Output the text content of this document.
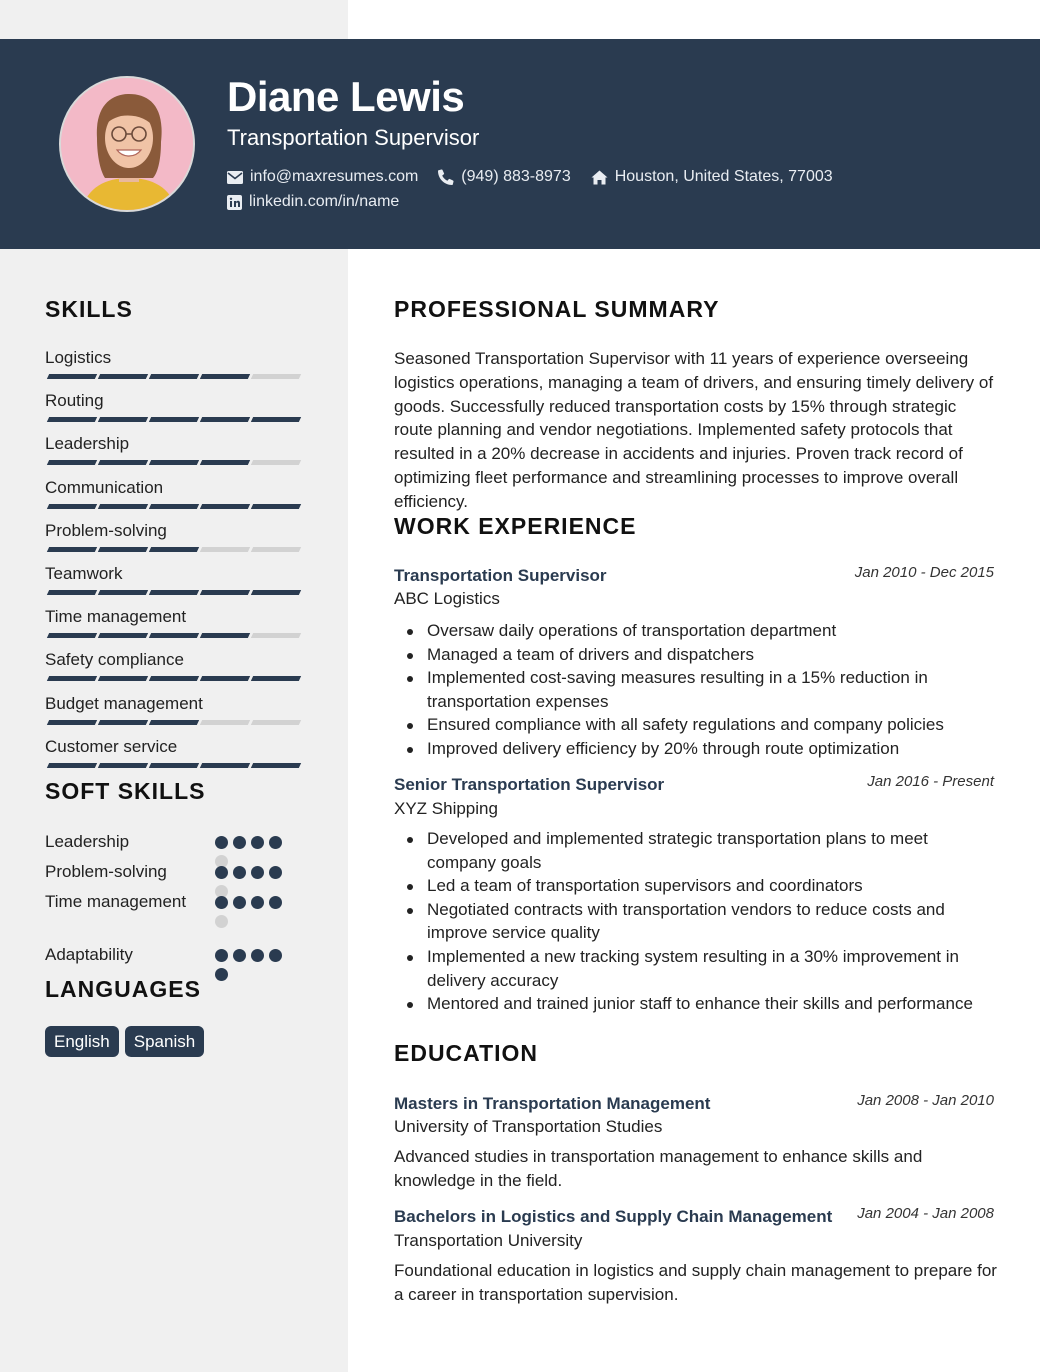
Diane Lewis
Transportation Supervisor
info@maxresumes.com	(949) 883-8973	Houston, United States, 77003
linkedin.com/in/name
SKILLS
Logistics
Routing
Leadership
Communication
Problem-solving
Teamwork
Time management
Safety compliance
Budget management
Customer service
SOFT SKILLS
Leadership
Problem-solving
Time management
Adaptability
LANGUAGES
English	Spanish
PROFESSIONAL SUMMARY
Seasoned Transportation Supervisor with 11 years of experience overseeing logistics operations, managing a team of drivers, and ensuring timely delivery of goods. Successfully reduced transportation costs by 15% through strategic route planning and vendor negotiations. Implemented safety protocols that resulted in a 20% decrease in accidents and injuries. Proven track record of optimizing fleet performance and streamlining processes to improve overall efficiency.
WORK EXPERIENCE
Transportation Supervisor	Jan 2010 - Dec 2015
ABC Logistics
Oversaw daily operations of transportation department
Managed a team of drivers and dispatchers
Implemented cost-saving measures resulting in a 15% reduction in transportation expenses
Ensured compliance with all safety regulations and company policies
Improved delivery efficiency by 20% through route optimization
Senior Transportation Supervisor	Jan 2016 - Present
XYZ Shipping
Developed and implemented strategic transportation plans to meet company goals
Led a team of transportation supervisors and coordinators
Negotiated contracts with transportation vendors to reduce costs and improve service quality
Implemented a new tracking system resulting in a 30% improvement in delivery accuracy
Mentored and trained junior staff to enhance their skills and performance
EDUCATION
Masters in Transportation Management	Jan 2008 - Jan 2010
University of Transportation Studies
Advanced studies in transportation management to enhance skills and knowledge in the field.
Bachelors in Logistics and Supply Chain Management Jan 2004 - Jan 2008
Transportation University
Foundational education in logistics and supply chain management to prepare for a career in transportation supervision.
